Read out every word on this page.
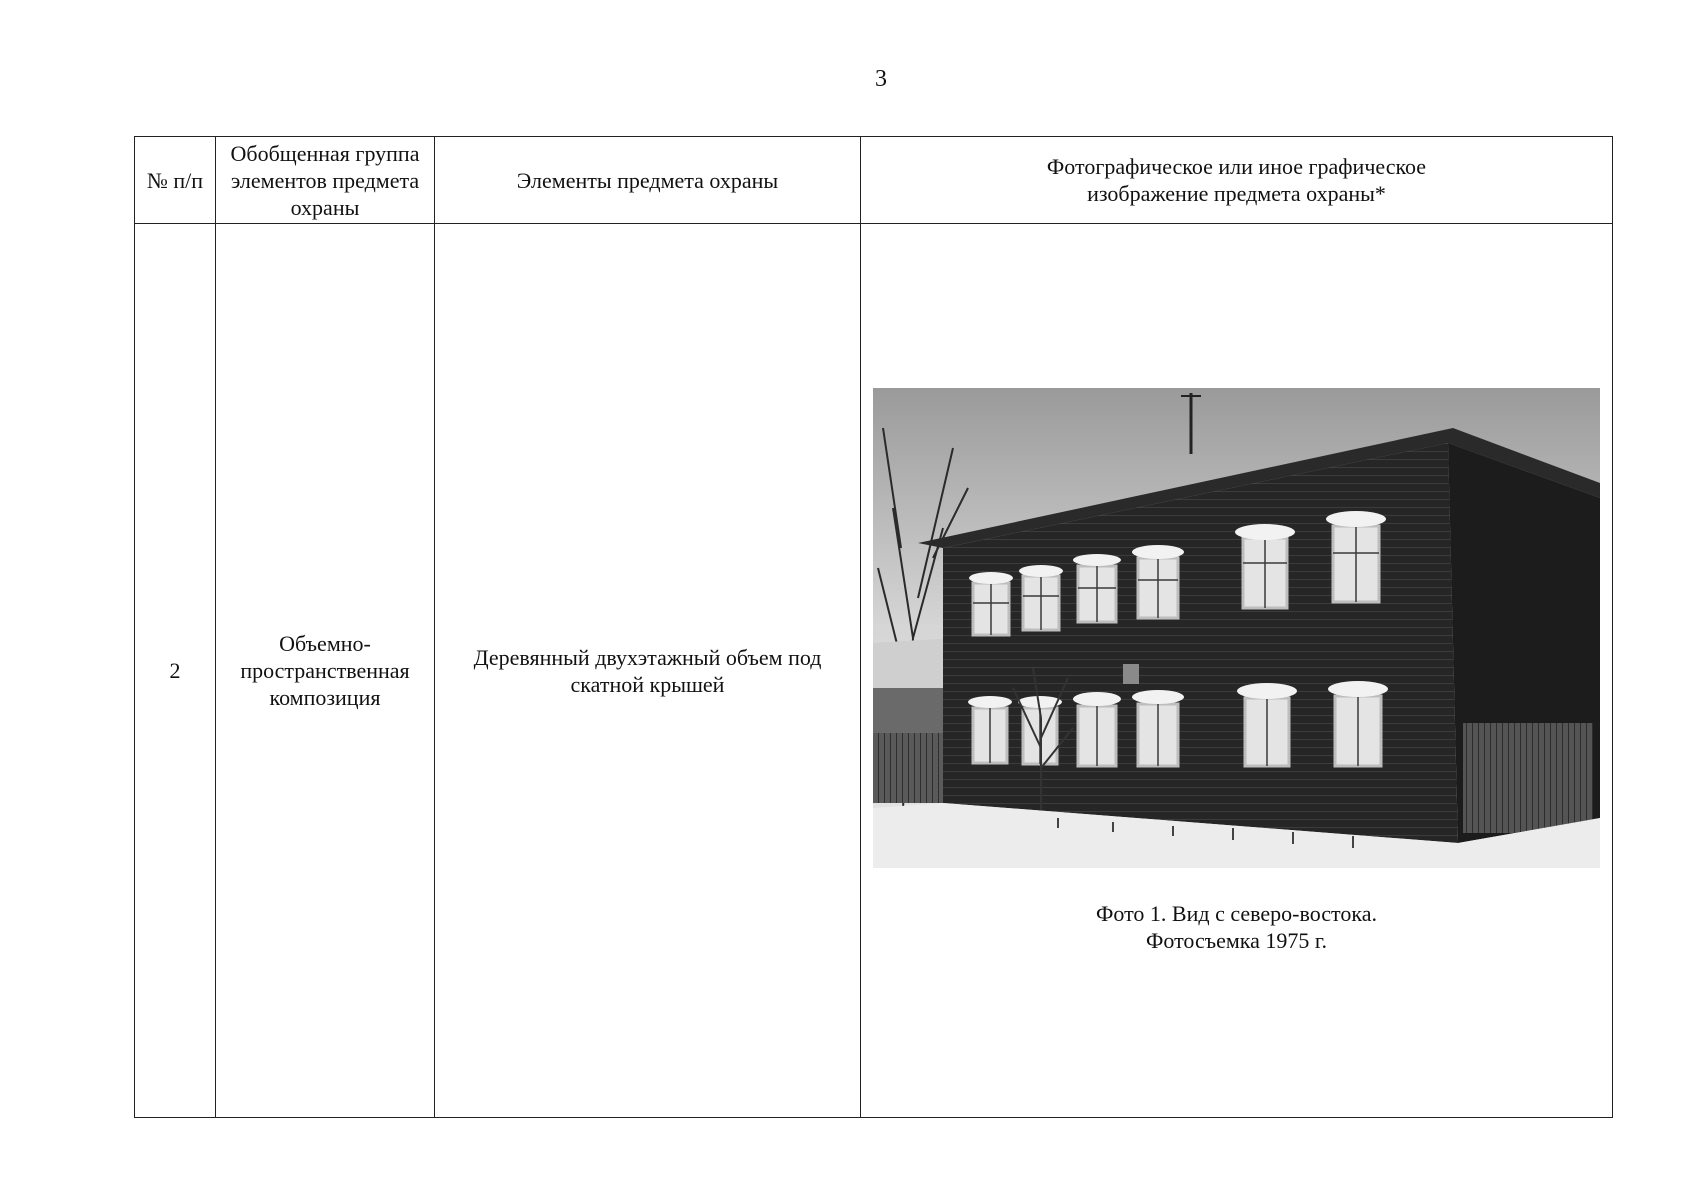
3
№ п/п	Обобщенная группа элементов предмета охраны	Элементы предмета охраны	Фотографическое или иное графическое изображение предмета охраны*
2	Объемно-пространственная композиция	Деревянный двухэтажный объем под скатной крышей	Фото 1. Вид с северо-востока.
Фотосъемка 1975 г.
